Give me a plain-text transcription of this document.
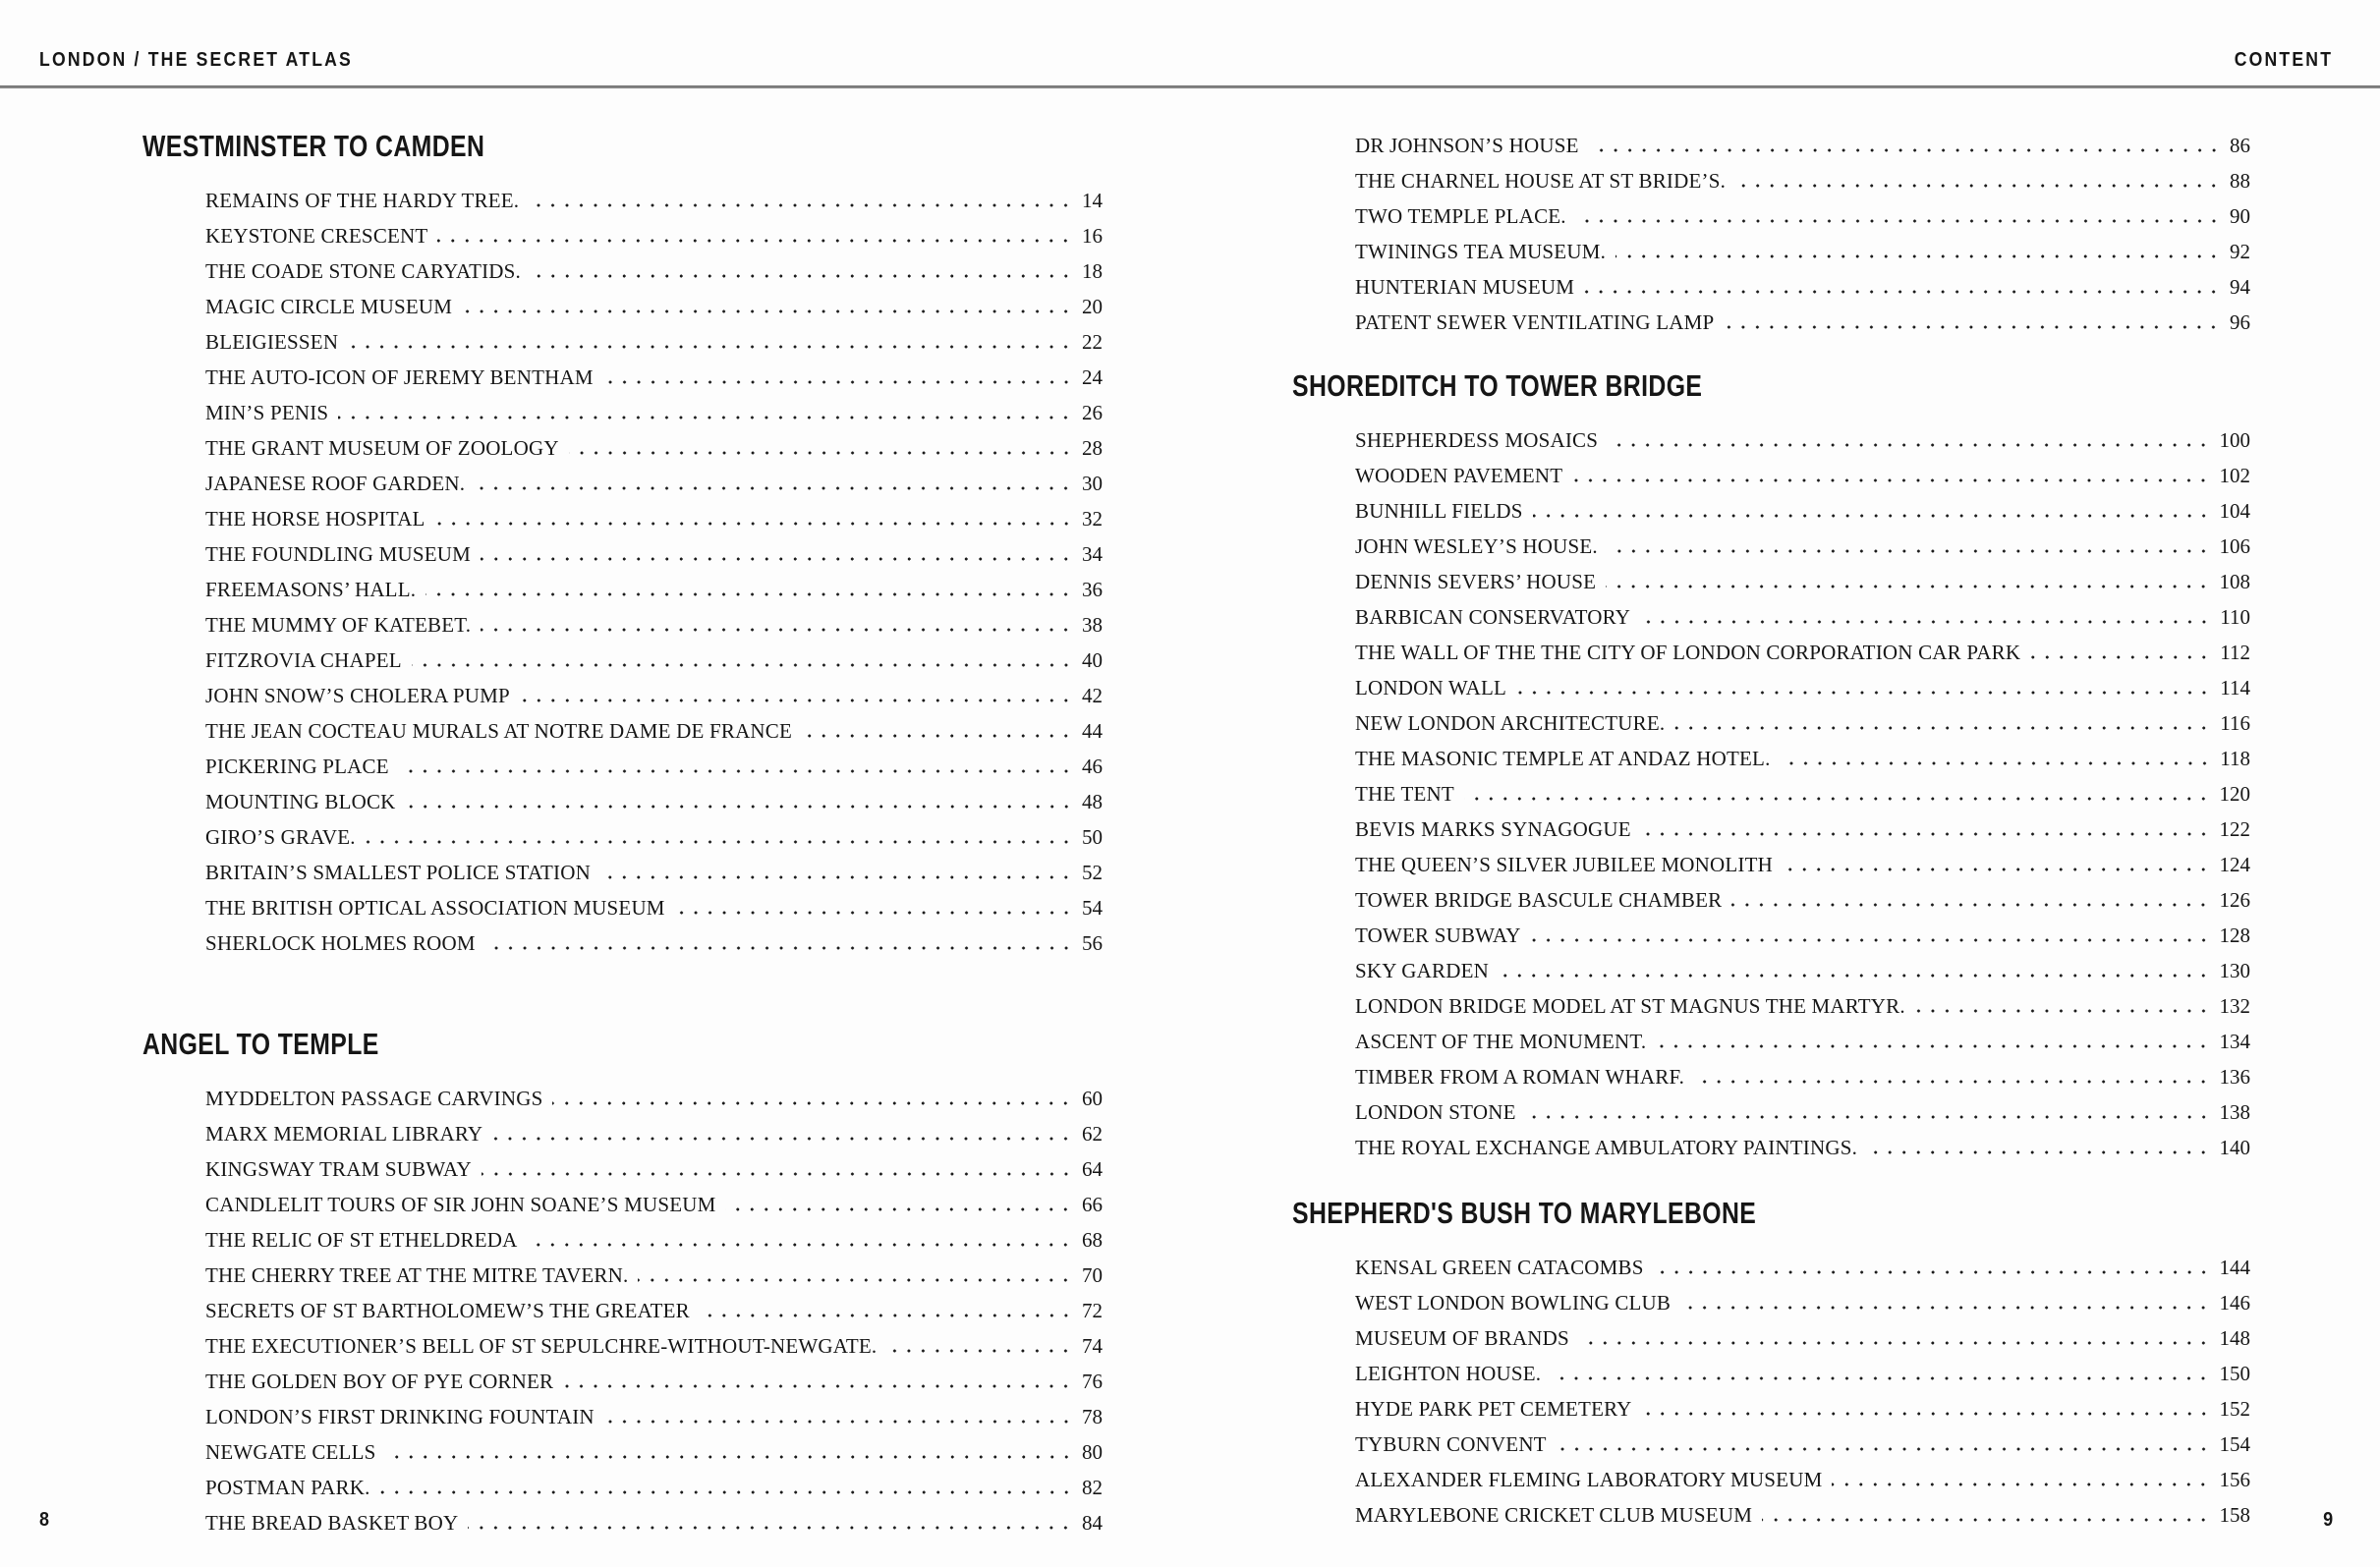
LONDON / THE SECRET ATLAS	CONTENT
WESTMINSTER TO CAMDEN
REMAINS OF THE HARDY TREE.	14
KEYSTONE CRESCENT	16
THE COADE STONE CARYATIDS.	18
MAGIC CIRCLE MUSEUM	20
BLEIGIESSEN	22
THE AUTO-ICON OF JEREMY BENTHAM	24
MIN’S PENIS	26
THE GRANT MUSEUM OF ZOOLOGY	28
JAPANESE ROOF GARDEN.	30
THE HORSE HOSPITAL	32
THE FOUNDLING MUSEUM	34
FREEMASONS’ HALL.	36
THE MUMMY OF KATEBET.	38
FITZROVIA CHAPEL	40
JOHN SNOW’S CHOLERA PUMP	42
THE JEAN COCTEAU MURALS AT NOTRE DAME DE FRANCE	44
PICKERING PLACE	46
MOUNTING BLOCK	48
GIRO’S GRAVE.	50
BRITAIN’S SMALLEST POLICE STATION	52
THE BRITISH OPTICAL ASSOCIATION MUSEUM	54
SHERLOCK HOLMES ROOM	56
ANGEL TO TEMPLE
MYDDELTON PASSAGE CARVINGS	60
MARX MEMORIAL LIBRARY	62
KINGSWAY TRAM SUBWAY	64
CANDLELIT TOURS OF SIR JOHN SOANE’S MUSEUM	66
THE RELIC OF ST ETHELDREDA	68
THE CHERRY TREE AT THE MITRE TAVERN.	70
SECRETS OF ST BARTHOLOMEW’S THE GREATER	72
THE EXECUTIONER’S BELL OF ST SEPULCHRE-WITHOUT-NEWGATE.	74
THE GOLDEN BOY OF PYE CORNER	76
LONDON’S FIRST DRINKING FOUNTAIN	78
NEWGATE CELLS	80
POSTMAN PARK.	82
THE BREAD BASKET BOY	84
DR JOHNSON’S HOUSE	86
THE CHARNEL HOUSE AT ST BRIDE’S.	88
TWO TEMPLE PLACE.	90
TWININGS TEA MUSEUM.	92
HUNTERIAN MUSEUM	94
PATENT SEWER VENTILATING LAMP	96
SHOREDITCH TO TOWER BRIDGE
SHEPHERDESS MOSAICS	100
WOODEN PAVEMENT	102
BUNHILL FIELDS	104
JOHN WESLEY’S HOUSE.	106
DENNIS SEVERS’ HOUSE	108
BARBICAN CONSERVATORY	110
THE WALL OF THE THE CITY OF LONDON CORPORATION CAR PARK	112
LONDON WALL	114
NEW LONDON ARCHITECTURE.	116
THE MASONIC TEMPLE AT ANDAZ HOTEL.	118
THE TENT	120
BEVIS MARKS SYNAGOGUE	122
THE QUEEN’S SILVER JUBILEE MONOLITH	124
TOWER BRIDGE BASCULE CHAMBER	126
TOWER SUBWAY	128
SKY GARDEN	130
LONDON BRIDGE MODEL AT ST MAGNUS THE MARTYR.	132
ASCENT OF THE MONUMENT.	134
TIMBER FROM A ROMAN WHARF.	136
LONDON STONE	138
THE ROYAL EXCHANGE AMBULATORY PAINTINGS.	140
SHEPHERD'S BUSH TO MARYLEBONE
KENSAL GREEN CATACOMBS	144
WEST LONDON BOWLING CLUB	146
MUSEUM OF BRANDS	148
LEIGHTON HOUSE.	150
HYDE PARK PET CEMETERY	152
TYBURN CONVENT	154
ALEXANDER FLEMING LABORATORY MUSEUM	156
MARYLEBONE CRICKET CLUB MUSEUM	158
8	9
